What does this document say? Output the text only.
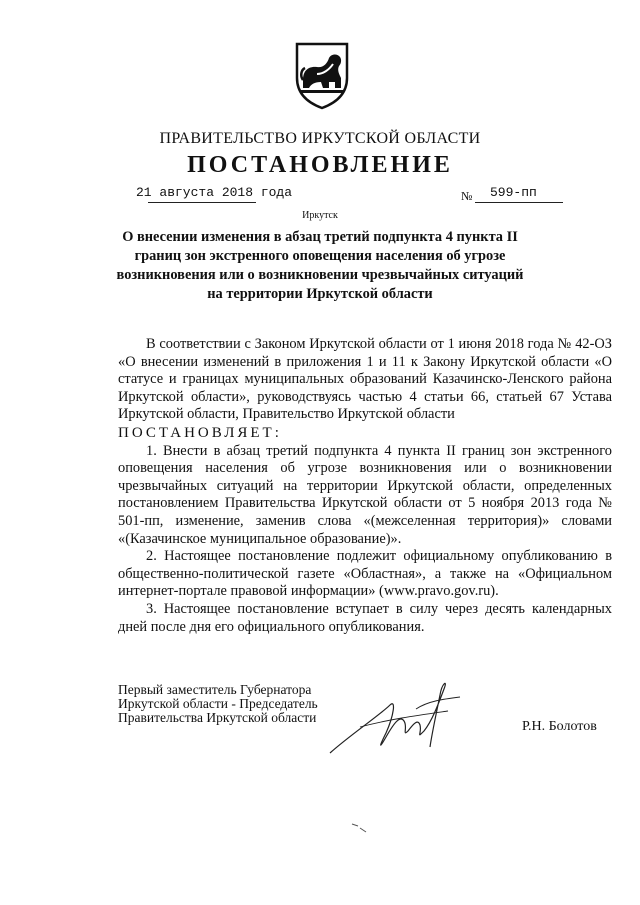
ПРАВИТЕЛЬСТВО ИРКУТСКОЙ ОБЛАСТИ
ПОСТАНОВЛЕНИЕ
21 августа 2018 года	№ 599-пп
Иркутск
О внесении изменения в абзац третий подпункта 4 пункта II границ зон экстренного оповещения населения об угрозе возникновения или о возникновении чрезвычайных ситуаций на территории Иркутской области

В соответствии с Законом Иркутской области от 1 июня 2018 года № 42-ОЗ «О внесении изменений в приложения 1 и 11 к Закону Иркутской области «О статусе и границах муниципальных образований Казачинско-Ленского района Иркутской области», руководствуясь частью 4 статьи 66, статьей 67 Устава Иркутской области, Правительство Иркутской области

ПОСТАНОВЛЯЕТ:

1. Внести в абзац третий подпункта 4 пункта II границ зон экстренного оповещения населения об угрозе возникновения или о возникновении чрезвычайных ситуаций на территории Иркутской области, определенных постановлением Правительства Иркутской области от 5 ноября 2013 года № 501-пп, изменение, заменив слова «(межселенная территория)» словами «(Казачинское муниципальное образование)».

2. Настоящее постановление подлежит официальному опубликованию в общественно-политической газете «Областная», а также на «Официальном интернет-портале правовой информации» (www.pravo.gov.ru).

3. Настоящее постановление вступает в силу через десять календарных дней после дня его официального опубликования.

Первый заместитель Губернатора
Иркутской области - Председатель
Правительства Иркутской области
Р.Н. Болотов
